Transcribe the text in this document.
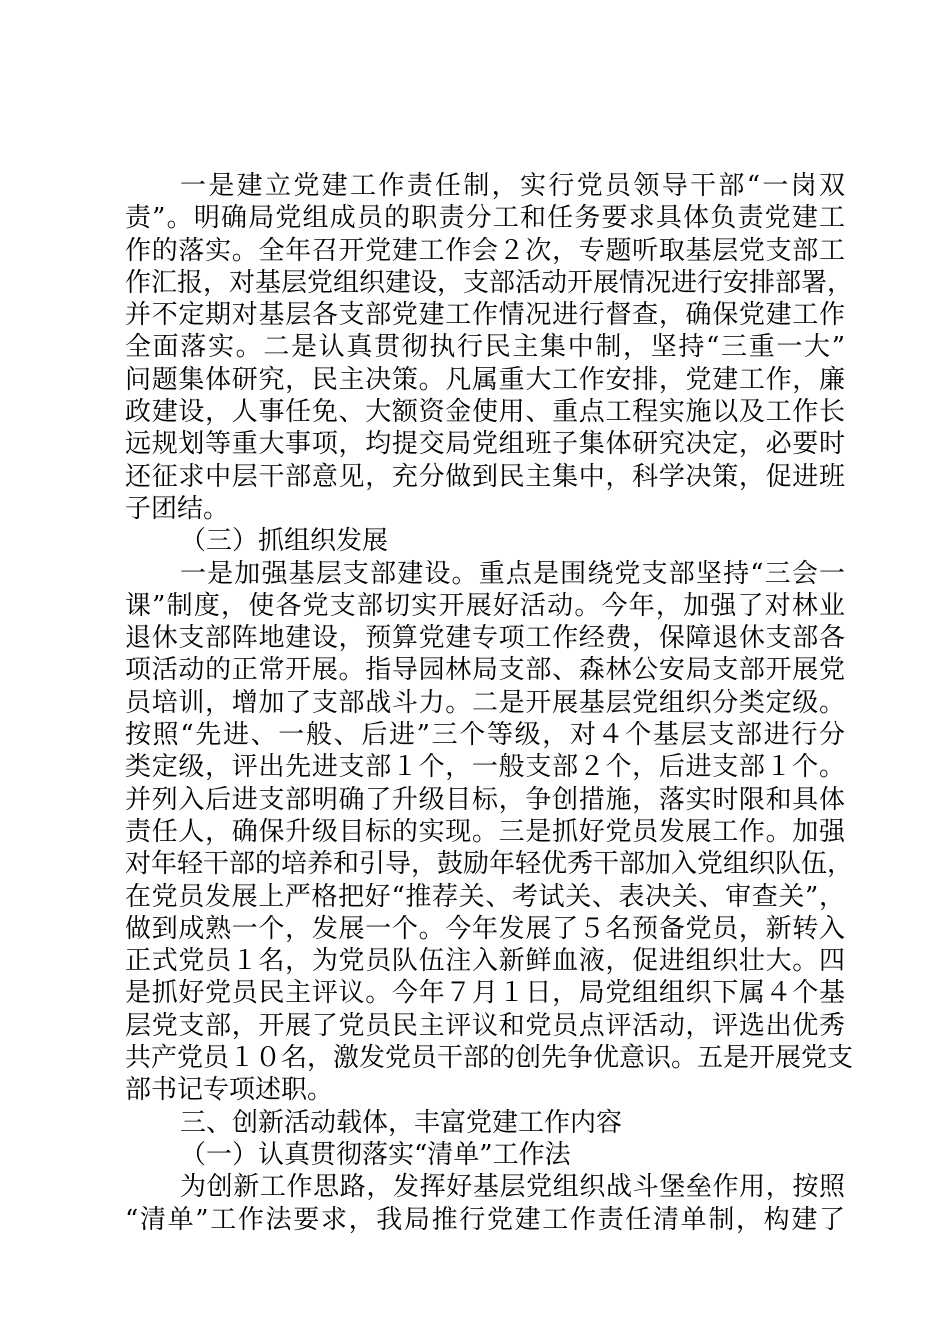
一是建立党建工作责任制，实行党员领导干部“一岗双
责”。明确局党组成员的职责分工和任务要求具体负责党建工
作的落实。全年召开党建工作会２次，专题听取基层党支部工
作汇报，对基层党组织建设，支部活动开展情况进行安排部署，
并不定期对基层各支部党建工作情况进行督查，确保党建工作
全面落实。二是认真贯彻执行民主集中制，坚持“三重一大”
问题集体研究，民主决策。凡属重大工作安排，党建工作，廉
政建设，人事任免、大额资金使用、重点工程实施以及工作长
远规划等重大事项，均提交局党组班子集体研究决定，必要时
还征求中层干部意见，充分做到民主集中，科学决策，促进班
子团结。
（三）抓组织发展
一是加强基层支部建设。重点是围绕党支部坚持“三会一
课”制度，使各党支部切实开展好活动。今年，加强了对林业
退休支部阵地建设，预算党建专项工作经费，保障退休支部各
项活动的正常开展。指导园林局支部、森林公安局支部开展党
员培训，增加了支部战斗力。二是开展基层党组织分类定级。
按照“先进、一般、后进”三个等级，对４个基层支部进行分
类定级，评出先进支部１个，一般支部２个，后进支部１个。
并列入后进支部明确了升级目标，争创措施，落实时限和具体
责任人，确保升级目标的实现。三是抓好党员发展工作。加强
对年轻干部的培养和引导，鼓励年轻优秀干部加入党组织队伍，
在党员发展上严格把好“推荐关、考试关、表决关、审查关”，
做到成熟一个，发展一个。今年发展了５名预备党员，新转入
正式党员１名，为党员队伍注入新鲜血液，促进组织壮大。四
是抓好党员民主评议。今年７月１日，局党组组织下属４个基
层党支部，开展了党员民主评议和党员点评活动，评选出优秀
共产党员１０名，激发党员干部的创先争优意识。五是开展党支
部书记专项述职。
三、创新活动载体，丰富党建工作内容
（一）认真贯彻落实“清单”工作法
为创新工作思路，发挥好基层党组织战斗堡垒作用，按照
“清单”工作法要求，我局推行党建工作责任清单制，构建了
